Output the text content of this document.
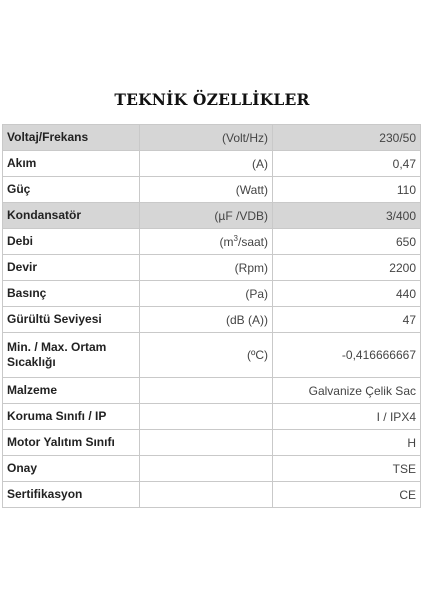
TEKNİK ÖZELLİKLER
Voltaj/Frekans	(Volt/Hz)	230/50
Akım	(A)	0,47
Güç	(Watt)	110
Kondansatör	(µF /VDB)	3/400
Debi	$(m^3/saat)$	650
Devir	(Rpm)	2200
Basınç	(Pa)	440
Gürültü Seviyesi	(dB (A))	47
Min. / Max. Ortam
Sıcaklığı	(ºC)	-0,416666667
Malzeme		Galvanize Çelik Sac
Koruma Sınıfı / IP		I / IPX4
Motor Yalıtım Sınıfı		H
Onay		TSE
Sertifikasyon		CE
